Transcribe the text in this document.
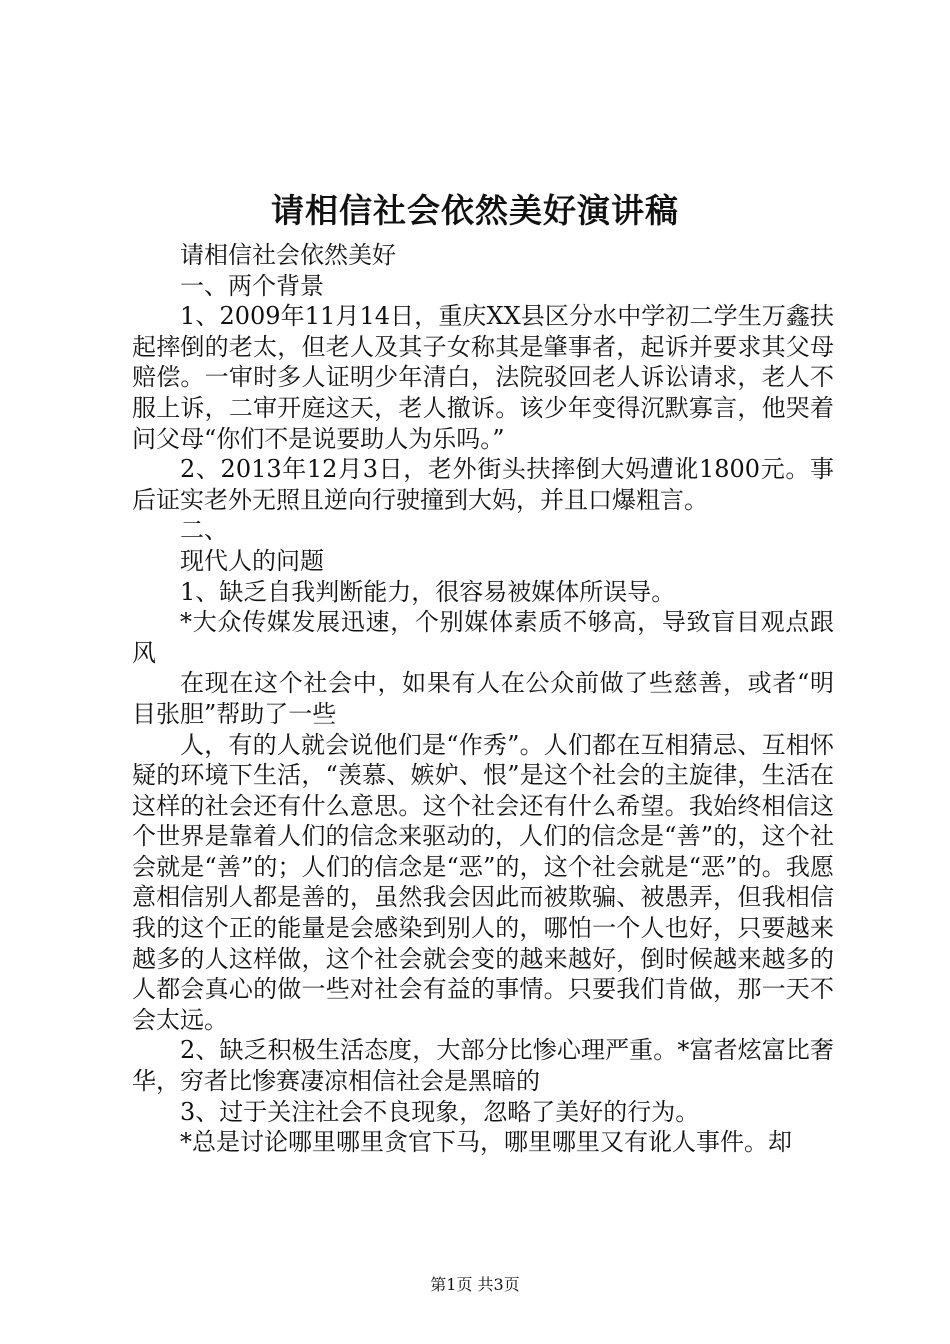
请相信社会依然美好演讲稿

请相信社会依然美好

一、两个背景

1、2009年11月14日，重庆XX县区分水中学初二学生万鑫扶起摔倒的老太，但老人及其子女称其是肇事者，起诉并要求其父母赔偿。一审时多人证明少年清白，法院驳回老人诉讼请求，老人不服上诉，二审开庭这天，老人撤诉。该少年变得沉默寡言，他哭着问父母“你们不是说要助人为乐吗。”

2、2013年12月3日，老外街头扶摔倒大妈遭讹1800元。事后证实老外无照且逆向行驶撞到大妈，并且口爆粗言。

二、

现代人的问题

1、缺乏自我判断能力，很容易被媒体所误导。

*大众传媒发展迅速，个别媒体素质不够高，导致盲目观点跟风

在现在这个社会中，如果有人在公众前做了些慈善，或者“明目张胆”帮助了一些

人，有的人就会说他们是“作秀”。人们都在互相猜忌、互相怀疑的环境下生活，“羡慕、嫉妒、恨”是这个社会的主旋律，生活在这样的社会还有什么意思。这个社会还有什么希望。我始终相信这个世界是靠着人们的信念来驱动的，人们的信念是“善”的，这个社会就是“善”的；人们的信念是“恶”的，这个社会就是“恶”的。我愿意相信别人都是善的，虽然我会因此而被欺骗、被愚弄，但我相信我的这个正的能量是会感染到别人的，哪怕一个人也好，只要越来越多的人这样做，这个社会就会变的越来越好，倒时候越来越多的人都会真心的做一些对社会有益的事情。只要我们肯做，那一天不会太远。

2、缺乏积极生活态度，大部分比惨心理严重。*富者炫富比奢华，穷者比惨赛凄凉相信社会是黑暗的

3、过于关注社会不良现象，忽略了美好的行为。

*总是讨论哪里哪里贪官下马，哪里哪里又有讹人事件。却

第1页 共3页
